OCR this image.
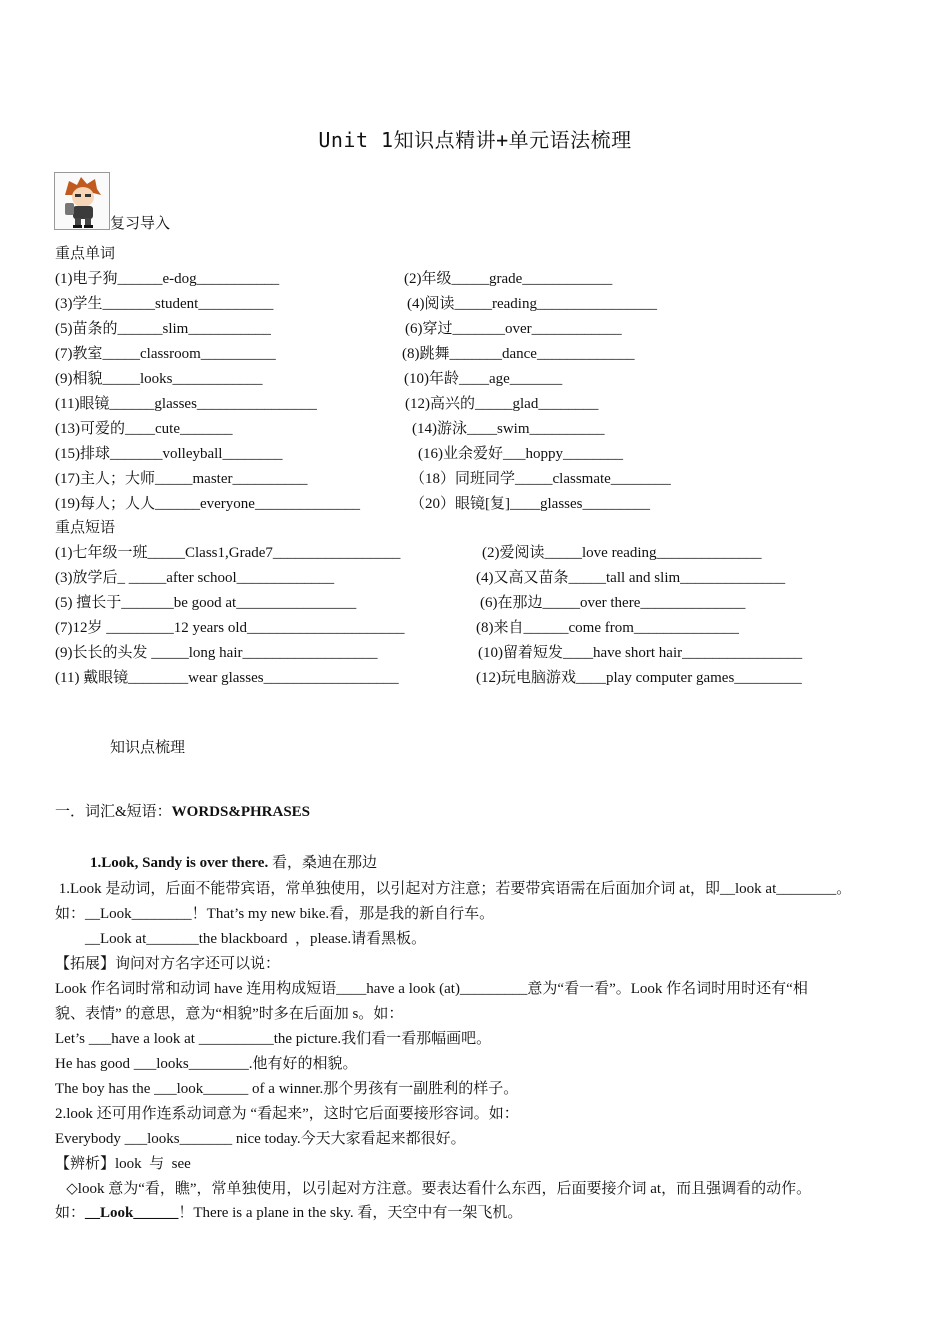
Unit 1知识点精讲+单元语法梳理
复习导入
重点单词
(1)电子狗______e-dog___________	(2)年级_____grade____________
(3)学生_______student__________	(4)阅读_____reading________________
(5)苗条的______slim___________	(6)穿过_______over____________
(7)教室_____classroom__________	(8)跳舞_______dance_____________
(9)相貌_____looks____________	(10)年龄____age_______
(11)眼镜______glasses________________	(12)高兴的_____glad________
(13)可爱的____cute_______	(14)游泳____swim__________
(15)排球_______volleyball________	(16)业余爱好___hoppy________
(17)主人；大师_____master__________	（18）同班同学_____classmate________
(19)每人；人人______everyone______________	（20）眼镜[复]____glasses_________
重点短语
(1)七年级一班_____Class1,Grade7_________________	(2)爱阅读_____love reading______________
(3)放学后_ _____after school_____________	(4)又高又苗条_____tall and slim______________
(5) 擅长于_______be good at________________	(6)在那边_____over there______________
(7)12岁 _________12 years old_____________________	(8)来自______come from______________
(9)长长的头发 _____long hair__________________	(10)留着短发____have short hair________________
(11) 戴眼镜________wear glasses__________________	(12)玩电脑游戏____play computer games_________
知识点梳理
一．词汇&短语：WORDS&PHRASES
1.Look, Sandy is over there. 看，桑迪在那边
1.Look 是动词，后面不能带宾语，常单独使用，以引起对方注意；若要带宾语需在后面加介词 at，即__look at________。
如：__Look________！That’s my new bike.看，那是我的新自行车。
__Look at_______the blackboard  ，please.请看黑板。
【拓展】询问对方名字还可以说：
Look 作名词时常和动词 have 连用构成短语____have a look (at)_________意为“看一看”。Look 作名词时用时还有“相
貌、表情” 的意思，意为“相貌”时多在后面加 s。如：
Let’s ___have a look at __________the picture.我们看一看那幅画吧。
He has good ___looks________.他有好的相貌。
The boy has the ___look______ of a winner.那个男孩有一副胜利的样子。
2.look 还可用作连系动词意为 “看起来”，这时它后面要接形容词。如：
Everybody ___looks_______ nice today.今天大家看起来都很好。
【辨析】look  与  see
◇look 意为“看，瞧”，常单独使用，以引起对方注意。要表达看什么东西，后面要接介词 at，而且强调看的动作。
如：__Look______！There is a plane in the sky. 看，天空中有一架飞机。
